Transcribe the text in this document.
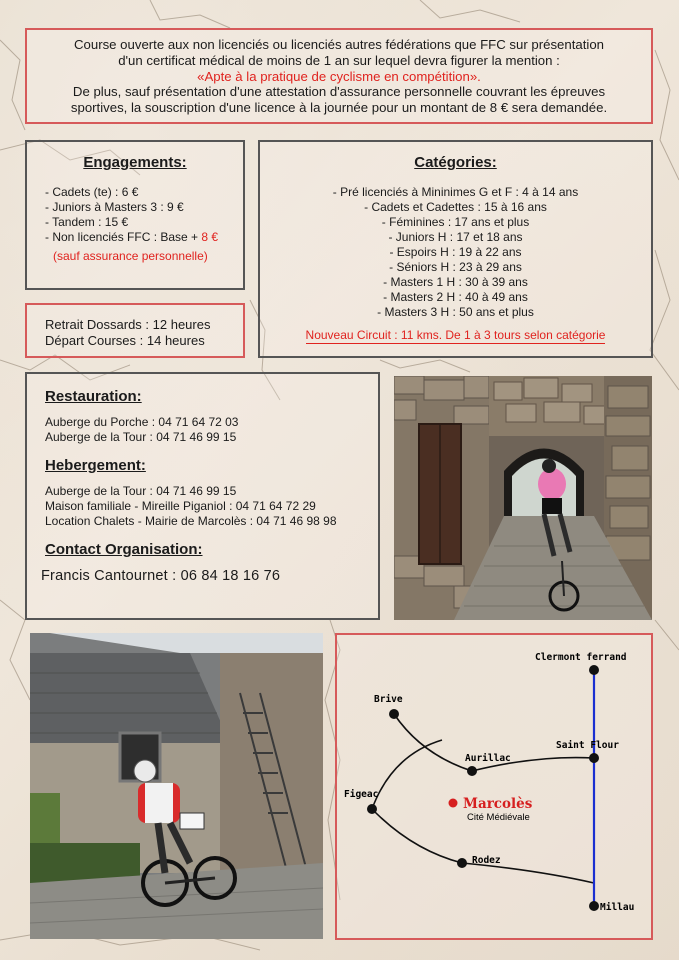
Course ouverte aux non licenciés ou licenciés autres fédérations que FFC sur présentation
d'un certificat médical de moins de 1 an sur lequel devra figurer la mention :
«Apte à la pratique de cyclisme en compétition».
De plus, sauf présentation d'une attestation d'assurance personnelle couvrant les épreuves
sportives, la souscription d'une licence à la journée pour un montant de 8 € sera demandée.
Engagements:
- Cadets (te) : 6 €
- Juniors à Masters 3 : 9 €
- Tandem : 15 €
- Non licenciés FFC : Base + 8 €
(sauf assurance personnelle)
Retrait Dossards : 12 heures
Départ Courses : 14 heures
Catégories:
- Pré licenciés à Mininimes G et F : 4 à 14 ans
- Cadets et Cadettes : 15 à 16 ans
- Féminines : 17 ans et plus
- Juniors H : 17 et 18 ans
- Espoirs H : 19 à 22 ans
- Séniors H : 23 à 29 ans
- Masters 1 H : 30 à 39 ans
- Masters 2 H : 40 à 49 ans
- Masters 3 H : 50 ans et plus
Nouveau Circuit : 11 kms. De 1 à 3 tours selon catégorie
Restauration:
Auberge du Porche : 04 71 64 72 03
Auberge de la Tour : 04 71 46 99 15
Hebergement:
Auberge de la Tour : 04 71 46 99 15
Maison familiale - Mireille Piganiol : 04 71 64 72 29
Location Chalets - Mairie de Marcolès : 04 71 46 98 98
Contact Organisation:
Francis Cantournet : 06 84 18 16 76
Clermont ferrand
Brive
Aurillac
Saint Flour
Figeac
Rodez
Millau
Marcolès
Cité Médiévale
